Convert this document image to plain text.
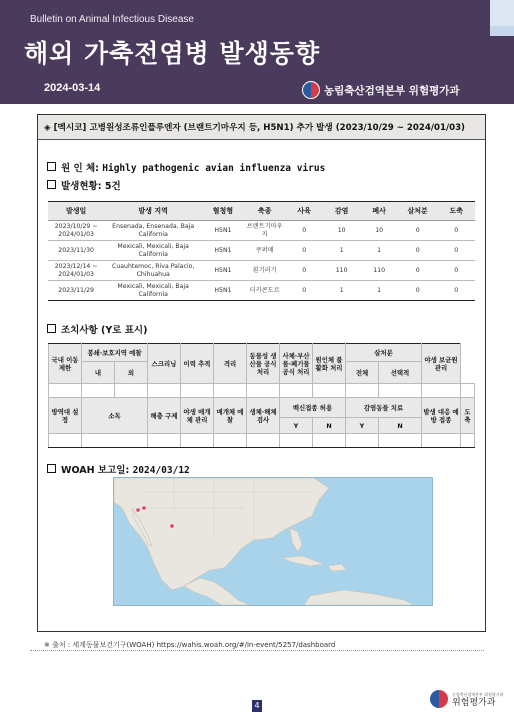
Bulletin on Animal Infectious Disease
해외 가축전염병 발생동향
2024-03-14	농림축산검역본부 위험평가과
◈ [멕시코] 고병원성조류인플루엔자 (브랜트기마우지 등, H5N1) 추가 발생 (2023/10/29 ~ 2024/01/03)
원 인 체: Highly pathogenic avian influenza virus
발생현황: 5건
발생일	발생 지역	혈청형	축종	사육	감염	폐사	살처분	도축
2023/10/29 ~ 2024/01/03	Ensenada, Ensenada, Baja California	H5N1	브랜트기마우지	0	10	10	0	0
2023/11/30	Mexicali, Mexicali, Baja California	H5N1	쿠퍼매	0	1	1	0	0
2023/12/14 ~ 2024/01/03	Cuauhtemoc, Riva Palacio, Chihuahua	H5N1	흰기러기	0	110	110	0	0
2023/11/29	Mexicali, Mexicali, Baja California	H5N1	더키콘도르	0	1	1	0	0
조치사항 (Y로 표시)
국내 이동 제한	봉쇄·보호지역 예찰		스크리닝	이력 추적	격리	동물성 생산물 공식 처리	사체·부산물·폐기물 공식 처리	원인체 불활화 처리	살처분		야생 보균원 관리	
	내	외							전체	선택적		

방역대 설정	소독		해충 구제	야생 매개체 관리	매개체 예찰	생체·해체 검사	백신접종 허용		감염동물 치료		발생 대응 예방 접종	도축
							Y	N	Y	N		

WOAH 보고일: 2024/03/12
※ 출처 : 세계동물보건기구(WOAH) https://wahis.woah.org/#/in-event/5257/dashboard
4
농림축산검역본부 위험평가과
위험평가과
